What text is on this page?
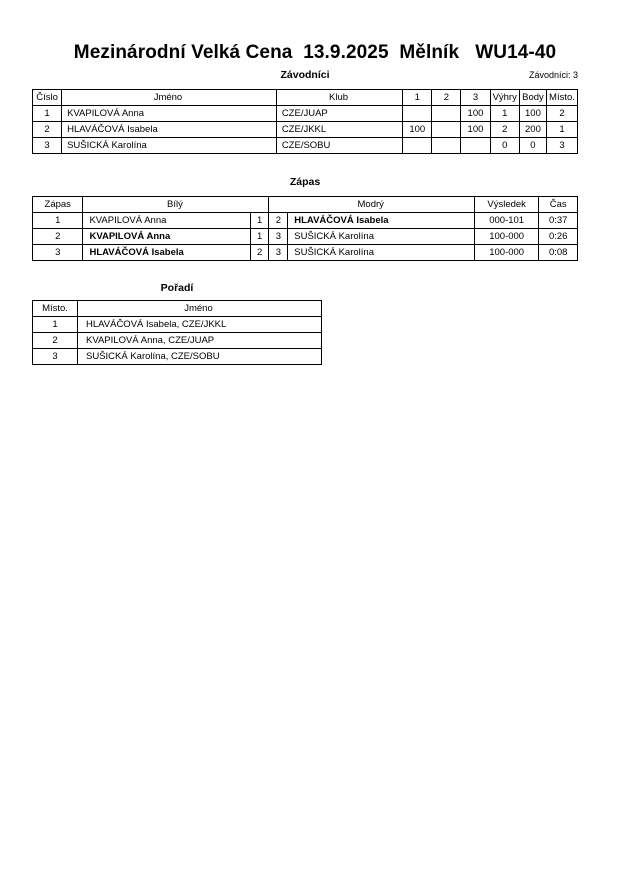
Mezinárodní Velká Cena  13.9.2025  Mělník   WU14-40
Závodníci	Závodníci: 3
Číslo	Jméno	Klub	1	2	3	Výhry	Body	Místo.
1	KVAPILOVÁ Anna	CZE/JUAP			100	1	100	2
2	HLAVÁČOVÁ Isabela	CZE/JKKL	100		100	2	200	1
3	SUŠICKÁ Karolína	CZE/SOBU				0	0	3
Zápas
Zápas	Bílý		Modrý		Výsledek	Čas
1	KVAPILOVÁ Anna	1	2	HLAVÁČOVÁ Isabela	000-101	0:37
2	KVAPILOVÁ Anna	1	3	SUŠICKÁ Karolína	100-000	0:26
3	HLAVÁČOVÁ Isabela	2	3	SUŠICKÁ Karolína	100-000	0:08
Pořadí
Místo.	Jméno
1	HLAVÁČOVÁ Isabela, CZE/JKKL
2	KVAPILOVÁ Anna, CZE/JUAP
3	SUŠICKÁ Karolína, CZE/SOBU
